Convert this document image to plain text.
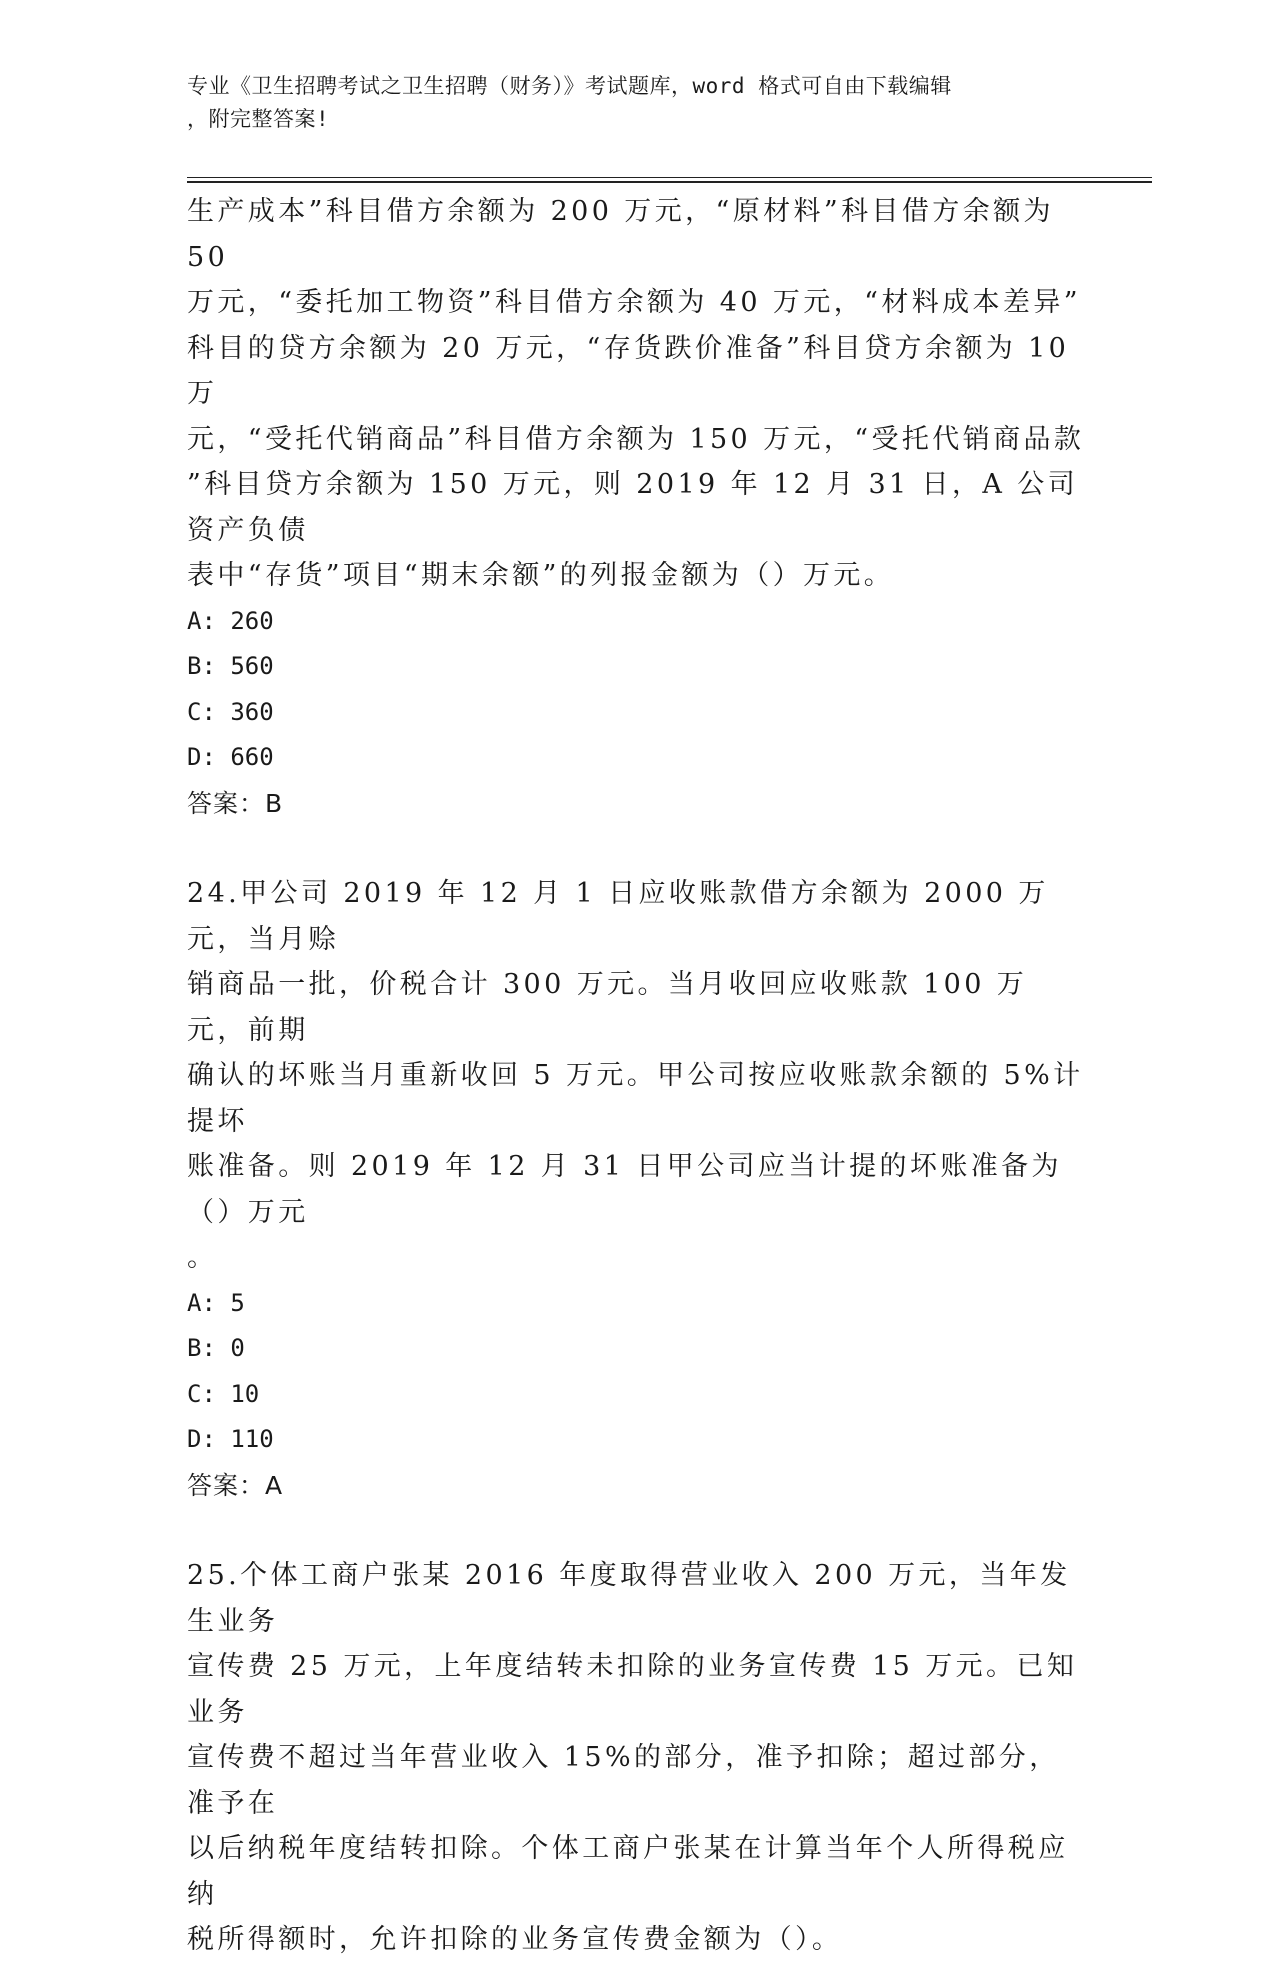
专业《卫生招聘考试之卫生招聘（财务）》考试题库，word 格式可自由下载编辑
，附完整答案!

生产成本”科目借方余额为 200 万元，“原材料”科目借方余额为 50

万元，“委托加工物资”科目借方余额为 40 万元，“材料成本差异”

科目的贷方余额为 20 万元，“存货跌价准备”科目贷方余额为 10 万

元，“受托代销商品”科目借方余额为 150 万元，“受托代销商品款

”科目贷方余额为 150 万元，则 2019 年 12 月 31 日，A 公司资产负债

表中“存货”项目“期末余额”的列报金额为（）万元。

A: 260

B: 560

C: 360

D: 660

答案：B

24.甲公司 2019 年 12 月 1 日应收账款借方余额为 2000 万元，当月赊

销商品一批，价税合计 300 万元。当月收回应收账款 100 万元，前期

确认的坏账当月重新收回 5 万元。甲公司按应收账款余额的 5%计提坏

账准备。则 2019 年 12 月 31 日甲公司应当计提的坏账准备为（）万元

。

A: 5

B: 0

C: 10

D: 110

答案：A

25.个体工商户张某 2016 年度取得营业收入 200 万元，当年发生业务

宣传费 25 万元，上年度结转未扣除的业务宣传费 15 万元。已知业务

宣传费不超过当年营业收入 15%的部分，准予扣除；超过部分，准予在

以后纳税年度结转扣除。个体工商户张某在计算当年个人所得税应纳

税所得额时，允许扣除的业务宣传费金额为（）。
